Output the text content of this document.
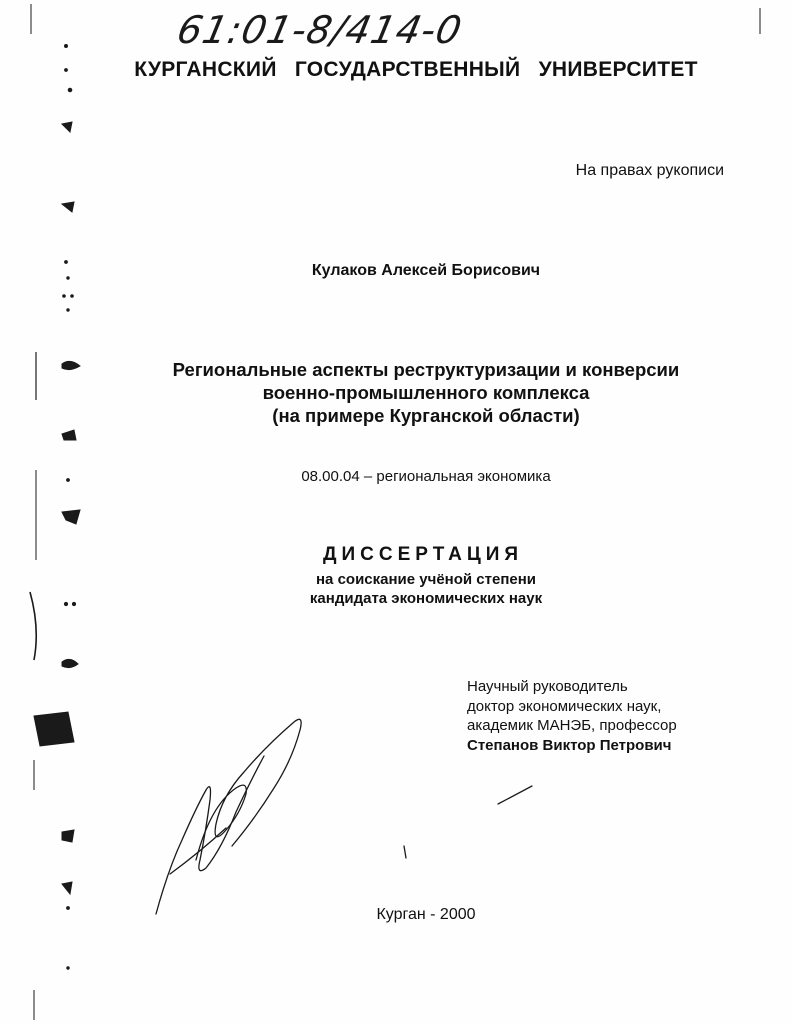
61:01-8/414-0
КУРГАНСКИЙ ГОСУДАРСТВЕННЫЙ УНИВЕРСИТЕТ
На правах рукописи
Кулаков Алексей Борисович
Региональные аспекты реструктуризации и конверсии
военно-промышленного комплекса
(на примере Курганской области)
08.00.04 – региональная экономика
ДИССЕРТАЦИЯ
на соискание учёной степени
кандидата экономических наук
Научный руководитель
доктор экономических наук,
академик МАНЭБ, профессор
Степанов Виктор Петрович
Курган - 2000
